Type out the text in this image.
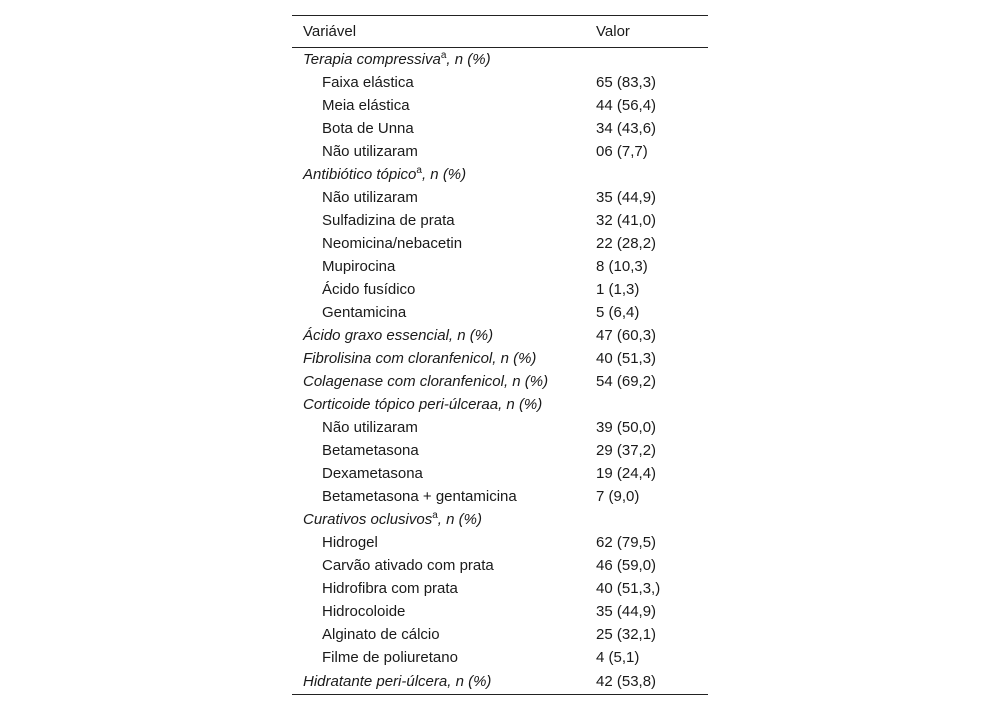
Variável	Valor
Terapia compressiva$^a$, n (%)
Faixa elástica	65 (83,3)
Meia elástica	44 (56,4)
Bota de Unna	34 (43,6)
Não utilizaram	06 (7,7)
Antibiótico tópico$^a$, n (%)
Não utilizaram	35 (44,9)
Sulfadizina de prata	32 (41,0)
Neomicina/nebacetin	22 (28,2)
Mupirocina	8 (10,3)
Ácido fusídico	1 (1,3)
Gentamicina	5 (6,4)
Ácido graxo essencial, n (%)	47 (60,3)
Fibrolisina com cloranfenicol, n (%)	40 (51,3)
Colagenase com cloranfenicol, n (%)	54 (69,2)
Corticoide tópico peri-úlceraa, n (%)
Não utilizaram	39 (50,0)
Betametasona	29 (37,2)
Dexametasona	19 (24,4)
Betametasona + gentamicina	7 (9,0)
Curativos oclusivos$^a$, n (%)
Hidrogel	62 (79,5)
Carvão ativado com prata	46 (59,0)
Hidrofibra com prata	40 (51,3,)
Hidrocoloide	35 (44,9)
Alginato de cálcio	25 (32,1)
Filme de poliuretano	4 (5,1)
Hidratante peri-úlcera, n (%)	42 (53,8)
